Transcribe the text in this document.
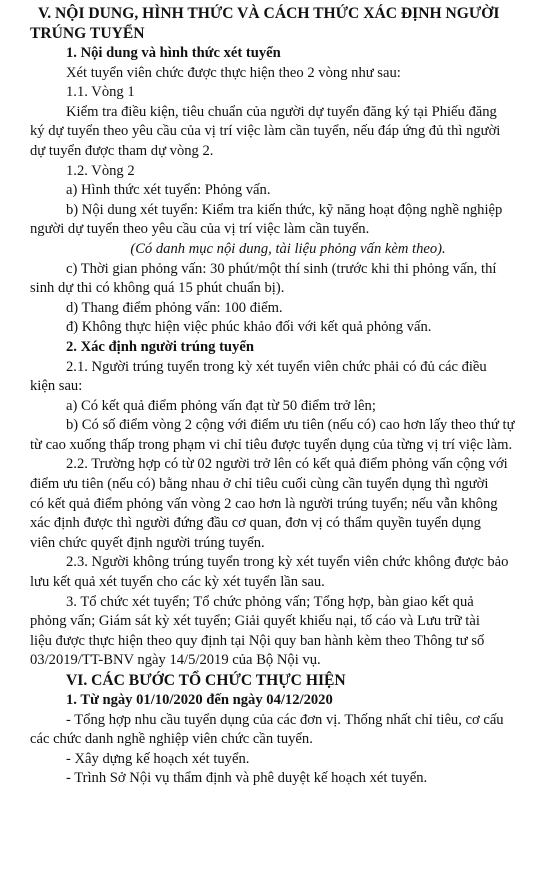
V. NỘI DUNG, HÌNH THỨC VÀ CÁCH THỨC XÁC ĐỊNH NGƯỜI

TRÚNG TUYỂN

1. Nội dung và hình thức xét tuyển

Xét tuyển viên chức được thực hiện theo 2 vòng như sau:

1.1. Vòng 1

Kiểm tra điều kiện, tiêu chuẩn của người dự tuyển đăng ký tại Phiếu đăng

ký dự tuyển theo yêu cầu của vị trí việc làm cần tuyển, nếu đáp ứng đủ thì người

dự tuyển được tham dự vòng 2.

1.2. Vòng 2

a) Hình thức xét tuyển: Phỏng vấn.

b) Nội dung xét tuyển: Kiểm tra kiến thức, kỹ năng hoạt động nghề nghiệp

người dự tuyển theo yêu cầu của vị trí việc làm cần tuyển.

(Có danh mục nội dung, tài liệu phỏng vấn kèm theo).

c) Thời gian phỏng vấn: 30 phút/một thí sinh (trước khi thi phỏng vấn, thí

sinh dự thi có không quá 15 phút chuẩn bị).

d) Thang điểm phỏng vấn: 100 điểm.

đ) Không thực hiện việc phúc khảo đối với kết quả phỏng vấn.

2. Xác định người trúng tuyển

2.1. Người trúng tuyển trong kỳ xét tuyển viên chức phải có đủ các điều

kiện sau:

a) Có kết quả điểm phỏng vấn đạt từ 50 điểm trở lên;

b) Có số điểm vòng 2 cộng với điểm ưu tiên (nếu có) cao hơn lấy theo thứ tự

từ cao xuống thấp trong phạm vi chỉ tiêu được tuyển dụng của từng vị trí việc làm.

2.2. Trường hợp có từ 02 người trở lên có kết quả điểm phỏng vấn cộng với

điểm ưu tiên (nếu có) bằng nhau ở chỉ tiêu cuối cùng cần tuyển dụng thì người

có kết quả điểm phỏng vấn vòng 2 cao hơn là người trúng tuyển; nếu vẫn không

xác định được thì người đứng đầu cơ quan, đơn vị có thẩm quyền tuyển dụng

viên chức quyết định người trúng tuyển.

2.3. Người không trúng tuyển trong kỳ xét tuyển viên chức không được bảo

lưu kết quả xét tuyển cho các kỳ xét tuyển lần sau.

3. Tổ chức xét tuyển; Tổ chức phỏng vấn; Tổng hợp, bàn giao kết quả

phỏng vấn; Giám sát kỳ xét tuyển; Giải quyết khiếu nại, tố cáo và Lưu trữ tài

liệu được thực hiện theo quy định tại Nội quy ban hành kèm theo Thông tư số

03/2019/TT-BNV ngày 14/5/2019 của Bộ Nội vụ.

VI. CÁC BƯỚC TỔ CHỨC THỰC HIỆN

1. Từ ngày 01/10/2020 đến ngày 04/12/2020

- Tổng hợp nhu cầu tuyển dụng của các đơn vị. Thống nhất chỉ tiêu, cơ cấu

các chức danh nghề nghiệp viên chức cần tuyển.

- Xây dựng kế hoạch xét tuyển.

- Trình Sở Nội vụ thẩm định và phê duyệt kế hoạch xét tuyển.
